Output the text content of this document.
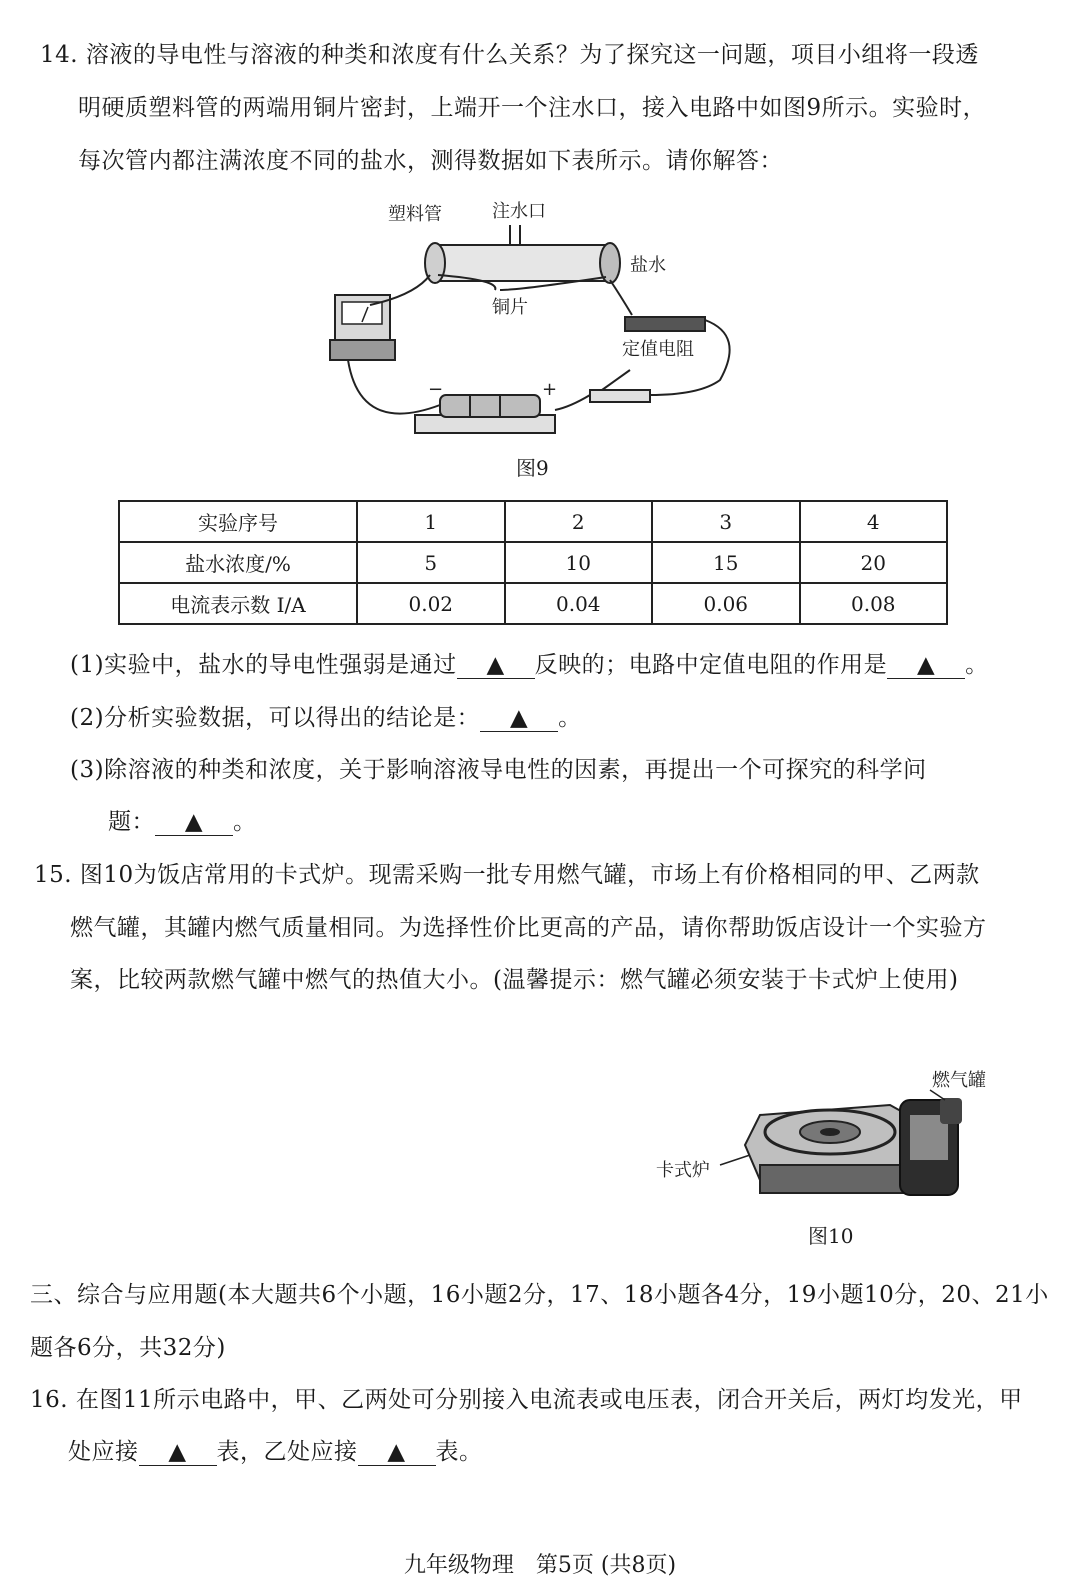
14. 溶液的导电性与溶液的种类和浓度有什么关系？为了探究这一问题，项目小组将一段透
明硬质塑料管的两端用铜片密封，上端开一个注水口，接入电路中如图9所示。实验时，
每次管内都注满浓度不同的盐水，测得数据如下表所示。请你解答：
塑料管	注水口
盐水
铜片
定值电阻
−	+
图9
实验序号	1	2	3	4
盐水浓度/%	5	10	15	20
电流表示数 I/A	0.02	0.04	0.06	0.08
(1)实验中，盐水的导电性强弱是通过 ▲ 反映的；电路中定值电阻的作用是 ▲ 。
(2)分析实验数据，可以得出的结论是： ▲ 。
(3)除溶液的种类和浓度，关于影响溶液导电性的因素，再提出一个可探究的科学问
题： ▲ 。
15. 图10为饭店常用的卡式炉。现需采购一批专用燃气罐，市场上有价格相同的甲、乙两款
燃气罐，其罐内燃气质量相同。为选择性价比更高的产品，请你帮助饭店设计一个实验方
案，比较两款燃气罐中燃气的热值大小。(温馨提示：燃气罐必须安装于卡式炉上使用)
燃气罐
卡式炉
图10
三、综合与应用题(本大题共6个小题，16小题2分，17、18小题各4分，19小题10分，20、21小
题各6分，共32分)
16. 在图11所示电路中，甲、乙两处可分别接入电流表或电压表，闭合开关后，两灯均发光，甲
处应接 ▲ 表，乙处应接 ▲ 表。
九年级物理　第5页 (共8页)
